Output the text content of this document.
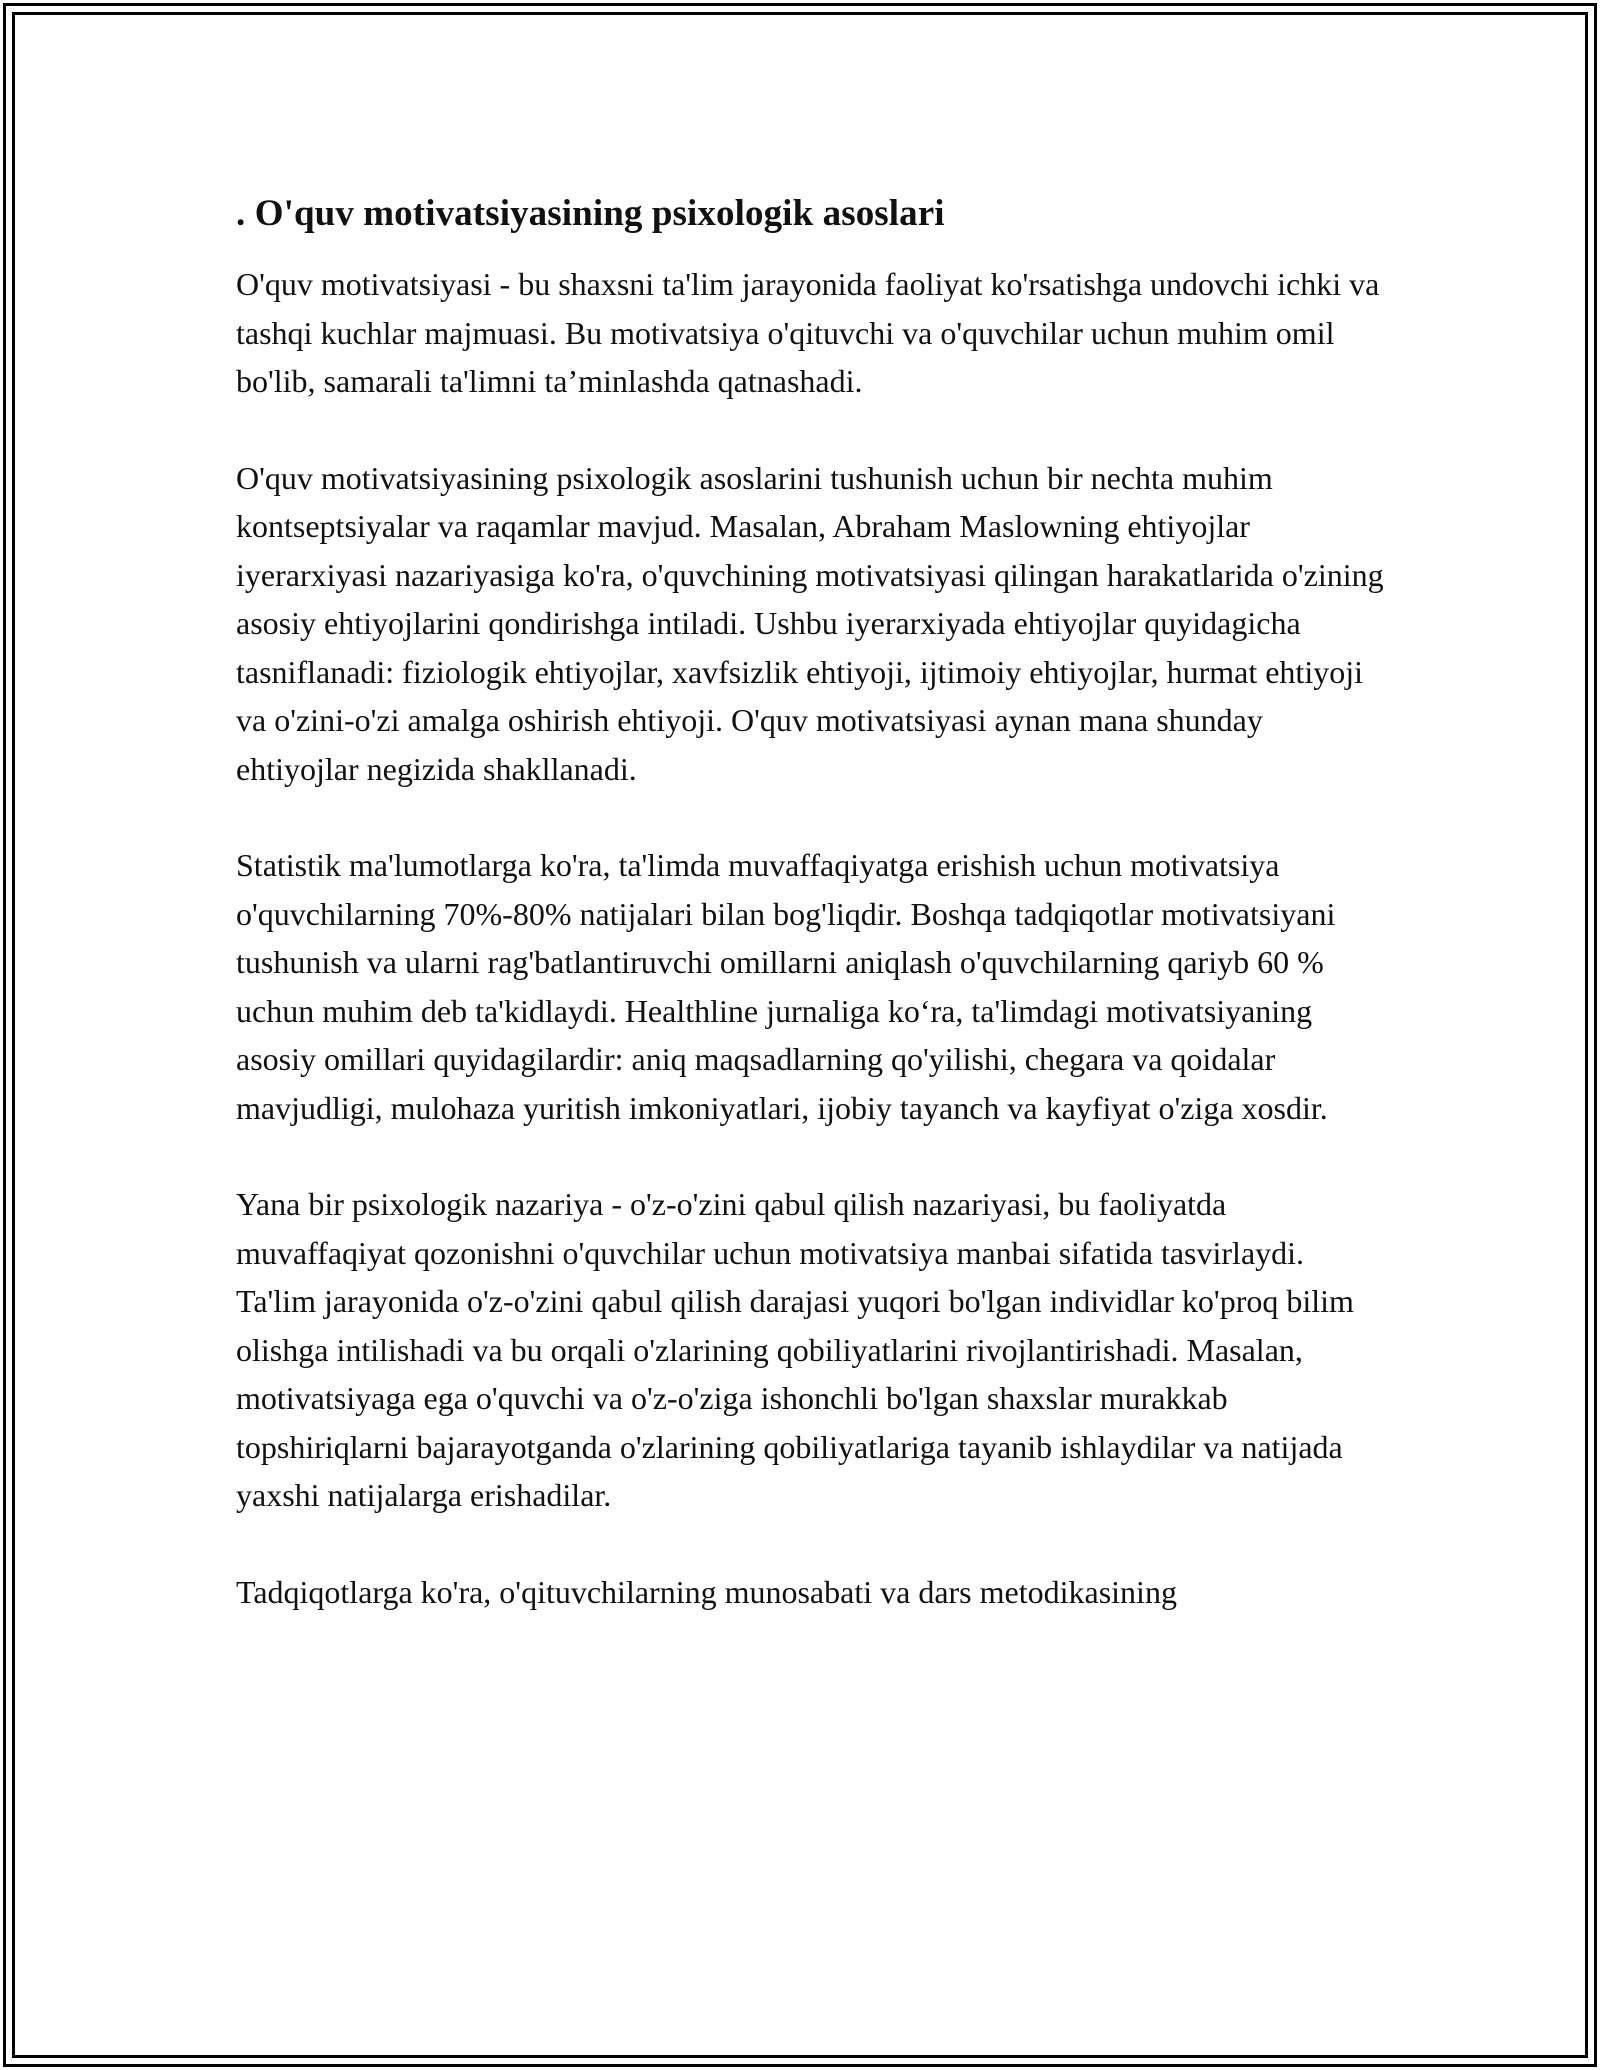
. O'quv motivatsiyasining psixologik asoslari

O'quv motivatsiyasi - bu shaxsni ta'lim jarayonida faoliyat ko'rsatishga undovchi ichki va tashqi kuchlar majmuasi. Bu motivatsiya o'qituvchi va o'quvchilar uchun muhim omil bo'lib, samarali ta'limni ta’minlashda qatnashadi.

O'quv motivatsiyasining psixologik asoslarini tushunish uchun bir nechta muhim kontseptsiyalar va raqamlar mavjud. Masalan, Abraham Maslowning ehtiyojlar iyerarxiyasi nazariyasiga ko'ra, o'quvchining motivatsiyasi qilingan harakatlarida o'zining asosiy ehtiyojlarini qondirishga intiladi. Ushbu iyerarxiyada ehtiyojlar quyidagicha tasniflanadi: fiziologik ehtiyojlar, xavfsizlik ehtiyoji, ijtimoiy ehtiyojlar, hurmat ehtiyoji va o'zini-o'zi amalga oshirish ehtiyoji. O'quv motivatsiyasi aynan mana shunday ehtiyojlar negizida shakllanadi.

Statistik ma'lumotlarga ko'ra, ta'limda muvaffaqiyatga erishish uchun motivatsiya o'quvchilarning 70%-80% natijalari bilan bog'liqdir. Boshqa tadqiqotlar motivatsiyani tushunish va ularni rag'batlantiruvchi omillarni aniqlash o'quvchilarning qariyb 60 % uchun muhim deb ta'kidlaydi. Healthline jurnaliga ko‘ra, ta'limdagi motivatsiyaning asosiy omillari quyidagilardir: aniq maqsadlarning qo'yilishi, chegara va qoidalar mavjudligi, mulohaza yuritish imkoniyatlari, ijobiy tayanch va kayfiyat o'ziga xosdir.

Yana bir psixologik nazariya - o'z-o'zini qabul qilish nazariyasi, bu faoliyatda muvaffaqiyat qozonishni o'quvchilar uchun motivatsiya manbai sifatida tasvirlaydi. Ta'lim jarayonida o'z-o'zini qabul qilish darajasi yuqori bo'lgan individlar ko'proq bilim olishga intilishadi va bu orqali o'zlarining qobiliyatlarini rivojlantirishadi. Masalan, motivatsiyaga ega o'quvchi va o'z-o'ziga ishonchli bo'lgan shaxslar murakkab topshiriqlarni bajarayotganda o'zlarining qobiliyatlariga tayanib ishlaydilar va natijada yaxshi natijalarga erishadilar.

Tadqiqotlarga ko'ra, o'qituvchilarning munosabati va dars metodikasining
